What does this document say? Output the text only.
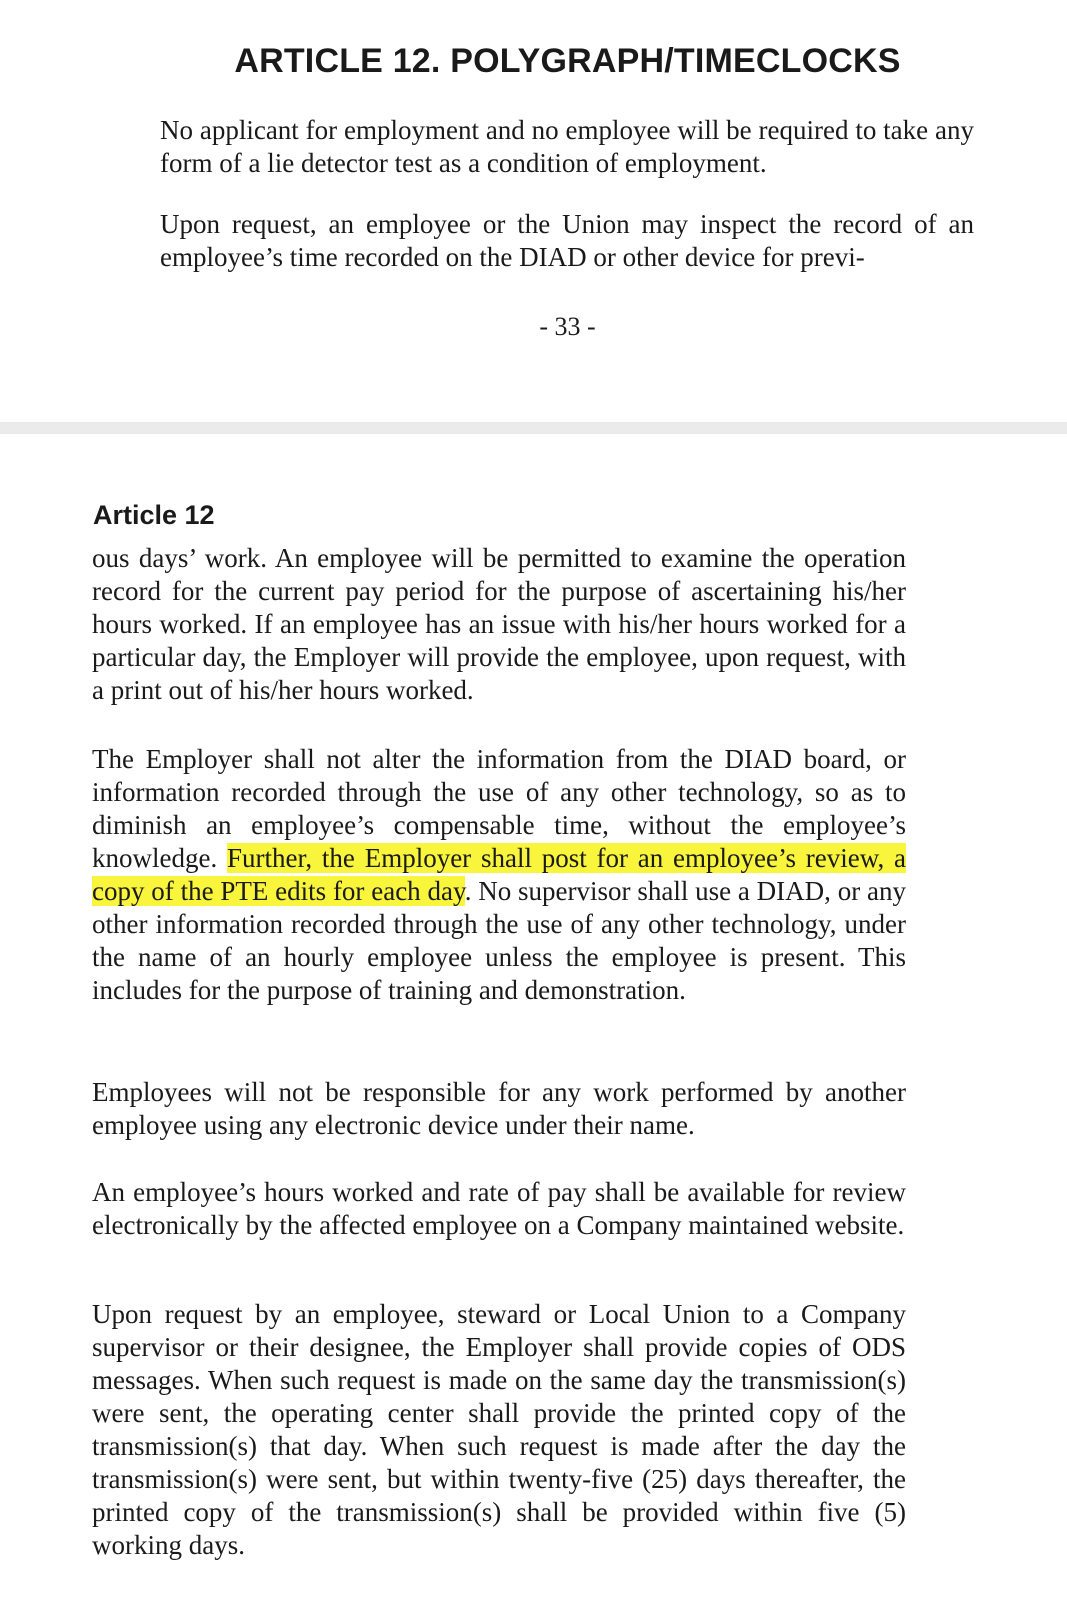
ARTICLE 12. POLYGRAPH/TIMECLOCKS

No applicant for employment and no employee will be required to take any form of a lie detector test as a condition of employment.

Upon request, an employee or the Union may inspect the record of an employee’s time recorded on the DIAD or other device for previ-

- 33 -
Article 12

ous days’ work. An employee will be permitted to examine the operation record for the current pay period for the purpose of ascertaining his/her hours worked. If an employee has an issue with his/her hours worked for a particular day, the Employer will provide the employee, upon request, with a print out of his/her hours worked.

The Employer shall not alter the information from the DIAD board, or information recorded through the use of any other technology, so as to diminish an employee’s compensable time, without the employee’s knowledge. Further, the Employer shall post for an employee’s review, a copy of the PTE edits for each day. No supervisor shall use a DIAD, or any other information recorded through the use of any other technology, under the name of an hourly employee unless the employee is present. This includes for the purpose of training and demonstration.

Employees will not be responsible for any work performed by another employee using any electronic device under their name.

An employee’s hours worked and rate of pay shall be available for review electronically by the affected employee on a Company maintained website.

Upon request by an employee, steward or Local Union to a Company supervisor or their designee, the Employer shall provide copies of ODS messages. When such request is made on the same day the transmission(s) were sent, the operating center shall provide the printed copy of the transmission(s) that day. When such request is made after the day the transmission(s) were sent, but within twenty-five (25) days thereafter, the printed copy of the transmission(s) shall be provided within five (5) working days.
